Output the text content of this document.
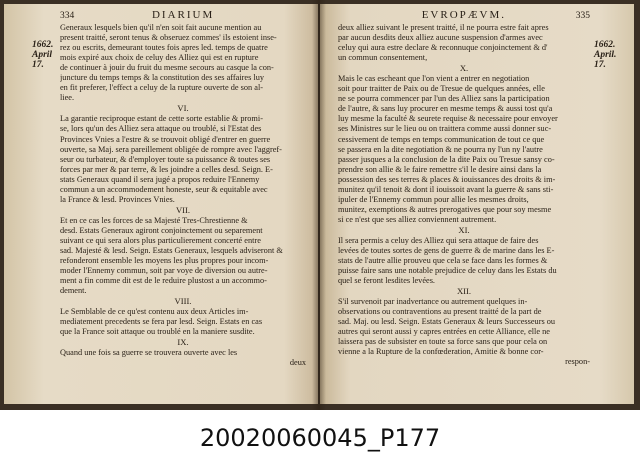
334	DIARIUM
1662.
April
17.
Generaux lesquels bien qu'il n'en soit fait aucune mention au
present traitté, seront tenus & obseruez commes' ils estoient inse-
rez ou escrits, demeurant toutes fois apres led. temps de quatre
mois expiré aux choix de celuy des Alliez qui est en rupture
de continuer à jouir du fruit du mesme secours au casque la con-
juncture du temps temps & la constitution des ses affaires luy
en fit preferer, l'effect a celuy de la rupture ouverte de son al-
liee.
VI.
La garantie reciproque estant de cette sorte establie & promi-
se, lors qu'un des Alliez sera attaque ou troublé, si l'Estat des
Provinces Vnies a l'estre & se trouvoit obligé d'entrer en guerre
ouverte, sa Maj. sera pareillement obligée de rompre avec l'aggref-
seur ou turbateur, & d'employer toute sa puissance & toutes ses
forces par mer & par terre, & les joindre a celles desd. Seign. E-
stats Generaux quand il sera jugé a propos reduire l'Ennemy
commun a un accommodement honeste, seur & equitable avec
la France & lesd. Provinces Vnies.
VII.
Et en ce cas les forces de sa Majesté Tres-Chrestienne &
desd. Estats Generaux agiront conjoinctement ou separement
suivant ce qui sera alors plus particulierement concerté entre
sad. Majesté & lesd. Seign. Estats Generaux, lesquels adviseront &
refonderont ensemble les moyens les plus propres pour incom-
moder l'Ennemy commun, soit par voye de diversion ou autre-
ment a fin comme dit est de le reduire plustost a un accommo-
dement.
VIII.
Le Semblable de ce qu'est contenu aux deux Articles im-
mediatement precedents se fera par lesd. Seign. Estats en cas
que la France soit attaque ou troublé en la maniere susdite.
IX.
Quand une fois sa guerre se trouvera ouverte avec les
deux
EVROPÆVM.	335
1662.
April.
17.
deux alliez suivant le present traitté, il ne pourra estre fait apres
par aucun desdits deux alliez aucune suspension d'armes avec
celuy qui aura estre declare & reconnuque conjoinctement & d'
un commun consentement,
X.
Mais le cas escheant que l'on vient a entrer en negotiation
soit pour traitter de Paix ou de Tresue de quelques années, elle
ne se pourra commencer par l'un des Alliez sans la participation
de l'autre, & sans luy procurer en mesme temps & aussi tost qu'a
luy mesme la faculté & seurete requise & necessaire pour envoyer
ses Ministres sur le lieu ou on traittera comme aussi donner suc-
cessivement de temps en temps communication de tout ce que
se passera en la dite negotiation & ne pourra ny l'un ny l'autre
passer jusques a la conclusion de la dite Paix ou Tresue sansy co-
prendre son allie & le faire remettre s'il le desire ainsi dans la
possession des ses terres & places & iouissances des droits & im-
munitez qu'il tenoit & dont il iouissoit avant la guerre & sans sti-
ipuler de l'Ennemy commun pour allie les mesmes droits,
munitez, exemptions & autres prerogatives que pour soy mesme
si ce n'est que ses alliez conviennent autrement.
XI.
Il sera permis a celuy des Alliez qui sera attaque de faire des
levées de toutes sortes de gens de guerre & de marine dans les E-
stats de l'autre allie prouveu que cela se face dans les formes &
puisse faire sans une notable prejudice de celuy dans les Estats du
quel se feront lesdites levées.
XII.
S'il survenoit par inadvertance ou autrement quelques in-
observations ou contraventions au present traitté de la part de
sad. Maj. ou lesd. Seign. Estats Generaux & leurs Successeurs ou
autres qui seront aussi y capres entrées en cette Alliance, elle ne
laissera pas de subsister en toute sa force sans que pour cela on
vienne a la Rupture de la confœderation, Amitie & bonne cor-
respon-
20020060045_P177
